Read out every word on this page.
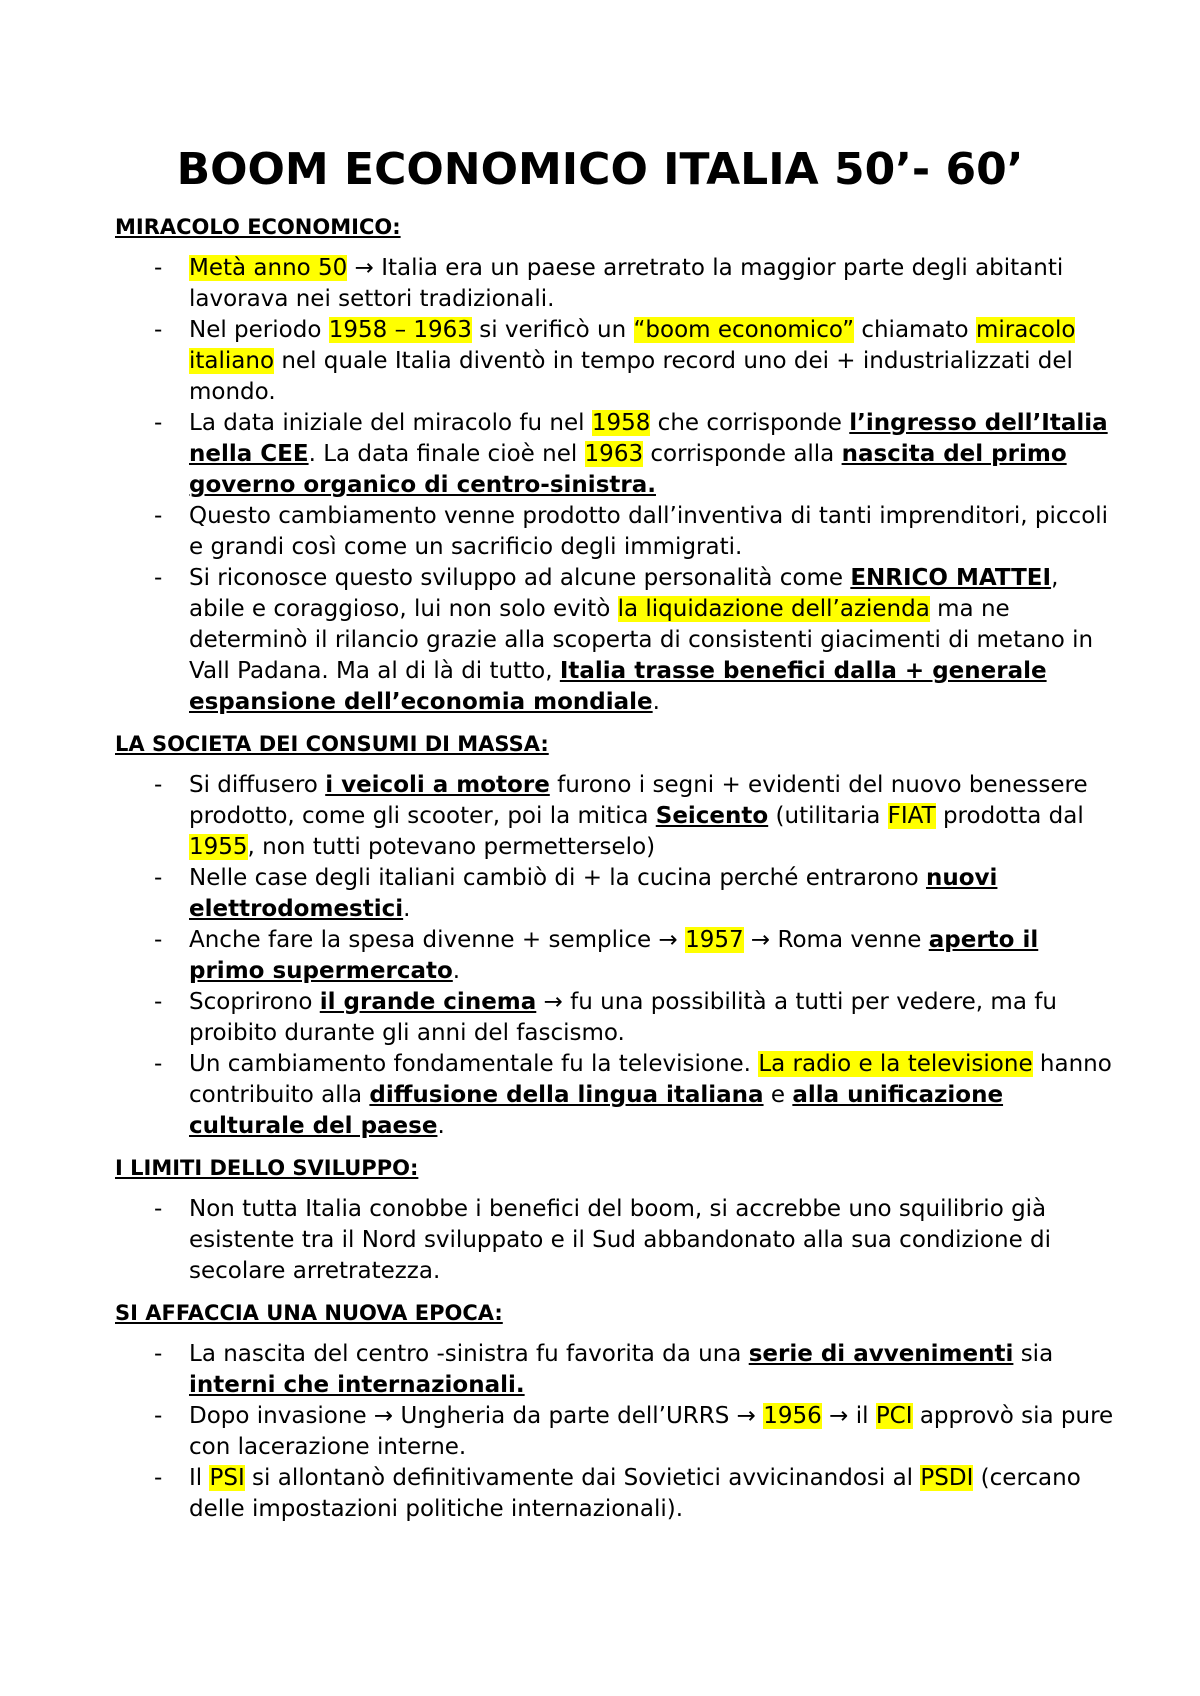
BOOM ECONOMICO ITALIA 50’- 60’
MIRACOLO ECONOMICO:
- Metà anno 50 → Italia era un paese arretrato la maggior parte degli abitanti lavorava nei settori tradizionali.
- Nel periodo 1958 – 1963 si verificò un “boom economico” chiamato miracolo italiano nel quale Italia diventò in tempo record uno dei + industrializzati del mondo.
- La data iniziale del miracolo fu nel 1958 che corrisponde l’ingresso dell’Italia nella CEE. La data finale cioè nel 1963 corrisponde alla nascita del primo governo organico di centro-sinistra.
- Questo cambiamento venne prodotto dall’inventiva di tanti imprenditori, piccoli e grandi così come un sacrificio degli immigrati.
- Si riconosce questo sviluppo ad alcune personalità come ENRICO MATTEI, abile e coraggioso, lui non solo evitò la liquidazione dell’azienda ma ne determinò il rilancio grazie alla scoperta di consistenti giacimenti di metano in Vall Padana. Ma al di là di tutto, Italia trasse benefici dalla + generale espansione dell’economia mondiale.
LA SOCIETA DEI CONSUMI DI MASSA:
- Si diffusero i veicoli a motore furono i segni + evidenti del nuovo benessere prodotto, come gli scooter, poi la mitica Seicento (utilitaria FIAT prodotta dal 1955, non tutti potevano permetterselo)
- Nelle case degli italiani cambiò di + la cucina perché entrarono nuovi elettrodomestici.
- Anche fare la spesa divenne + semplice → 1957 → Roma venne aperto il primo supermercato.
- Scoprirono il grande cinema → fu una possibilità a tutti per vedere, ma fu proibito durante gli anni del fascismo.
- Un cambiamento fondamentale fu la televisione. La radio e la televisione hanno contribuito alla diffusione della lingua italiana e alla unificazione culturale del paese.
I LIMITI DELLO SVILUPPO:
- Non tutta Italia conobbe i benefici del boom, si accrebbe uno squilibrio già esistente tra il Nord sviluppato e il Sud abbandonato alla sua condizione di secolare arretratezza.
SI AFFACCIA UNA NUOVA EPOCA:
- La nascita del centro -sinistra fu favorita da una serie di avvenimenti sia interni che internazionali.
- Dopo invasione → Ungheria da parte dell’URRS → 1956 → il PCI approvò sia pure con lacerazione interne.
- Il PSI si allontanò definitivamente dai Sovietici avvicinandosi al PSDI (cercano delle impostazioni politiche internazionali).
